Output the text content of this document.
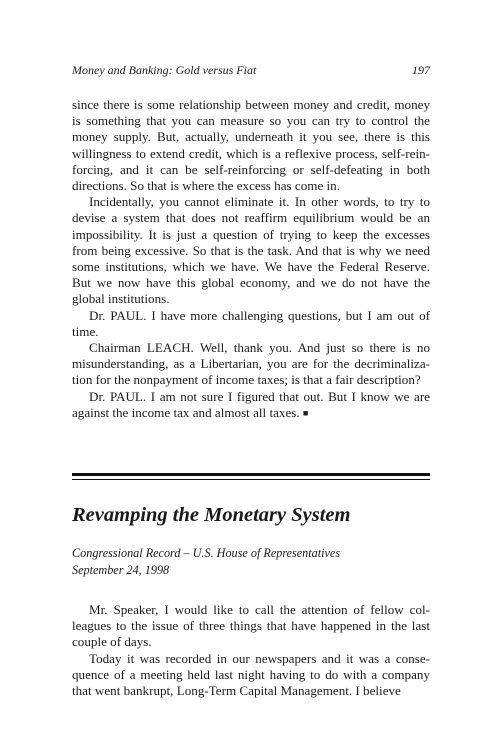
Money and Banking: Gold versus Fiat	197

since there is some relationship between money and credit, money is something that you can measure so you can try to control the money supply. But, actually, underneath it you see, there is this willingness to extend credit, which is a reflexive process, self-rein-forcing, and it can be self-reinforcing or self-defeating in both directions. So that is where the excess has come in.

Incidentally, you cannot eliminate it. In other words, to try to devise a system that does not reaffirm equilibrium would be an impossibility. It is just a question of trying to keep the excesses from being excessive. So that is the task. And that is why we need some institutions, which we have. We have the Federal Reserve. But we now have this global economy, and we do not have the global institutions.

Dr. PAUL. I have more challenging questions, but I am out of time.

Chairman LEACH. Well, thank you. And just so there is no misunderstanding, as a Libertarian, you are for the decriminaliza-tion for the nonpayment of income taxes; is that a fair description?

Dr. PAUL. I am not sure I figured that out. But I know we are against the income tax and almost all taxes. ■

Revamping the Monetary System
Congressional Record – U.S. House of Representatives
September 24, 1998

Mr. Speaker, I would like to call the attention of fellow col-leagues to the issue of three things that have happened in the last couple of days.

Today it was recorded in our newspapers and it was a conse-quence of a meeting held last night having to do with a company that went bankrupt, Long-Term Capital Management. I believe
